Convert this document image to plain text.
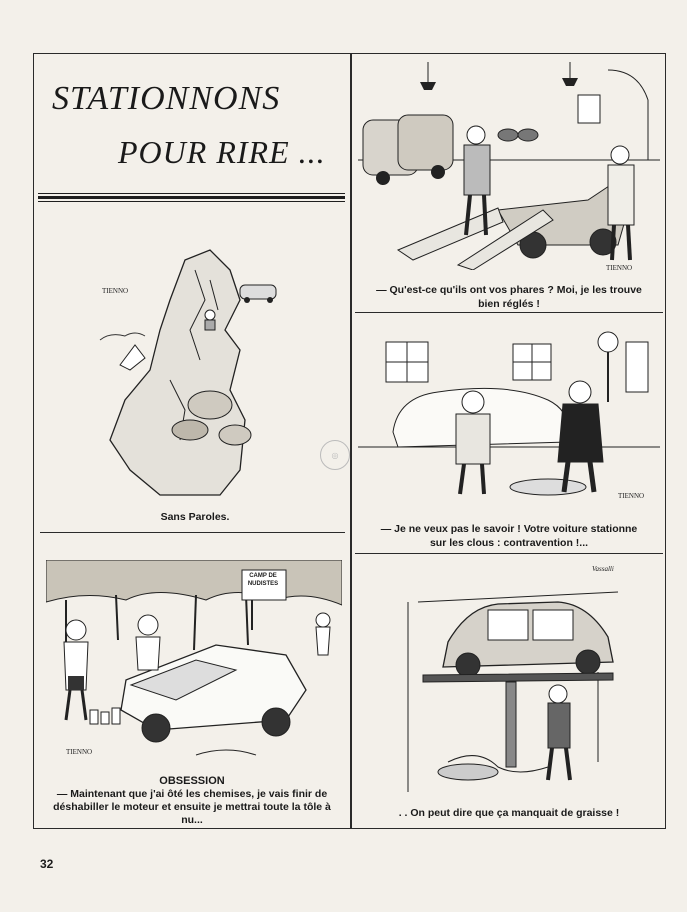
STATIONNONS
POUR RIRE ...
TIENNO
Sans Paroles.
TIENNO
— Qu'est-ce qu'ils ont vos phares ? Moi, je les trouve
bien réglés !
TIENNO
— Je ne veux pas le savoir ! Votre voiture stationne
sur les clous : contravention !...
CAMP DE
NUDISTES
TIENNO
OBSESSION
— Maintenant que j'ai ôté les chemises, je vais finir de
déshabiller le moteur et ensuite je mettrai toute la tôle à nu...
Vassalli
. . On peut dire que ça manquait de graisse !
◎
32
